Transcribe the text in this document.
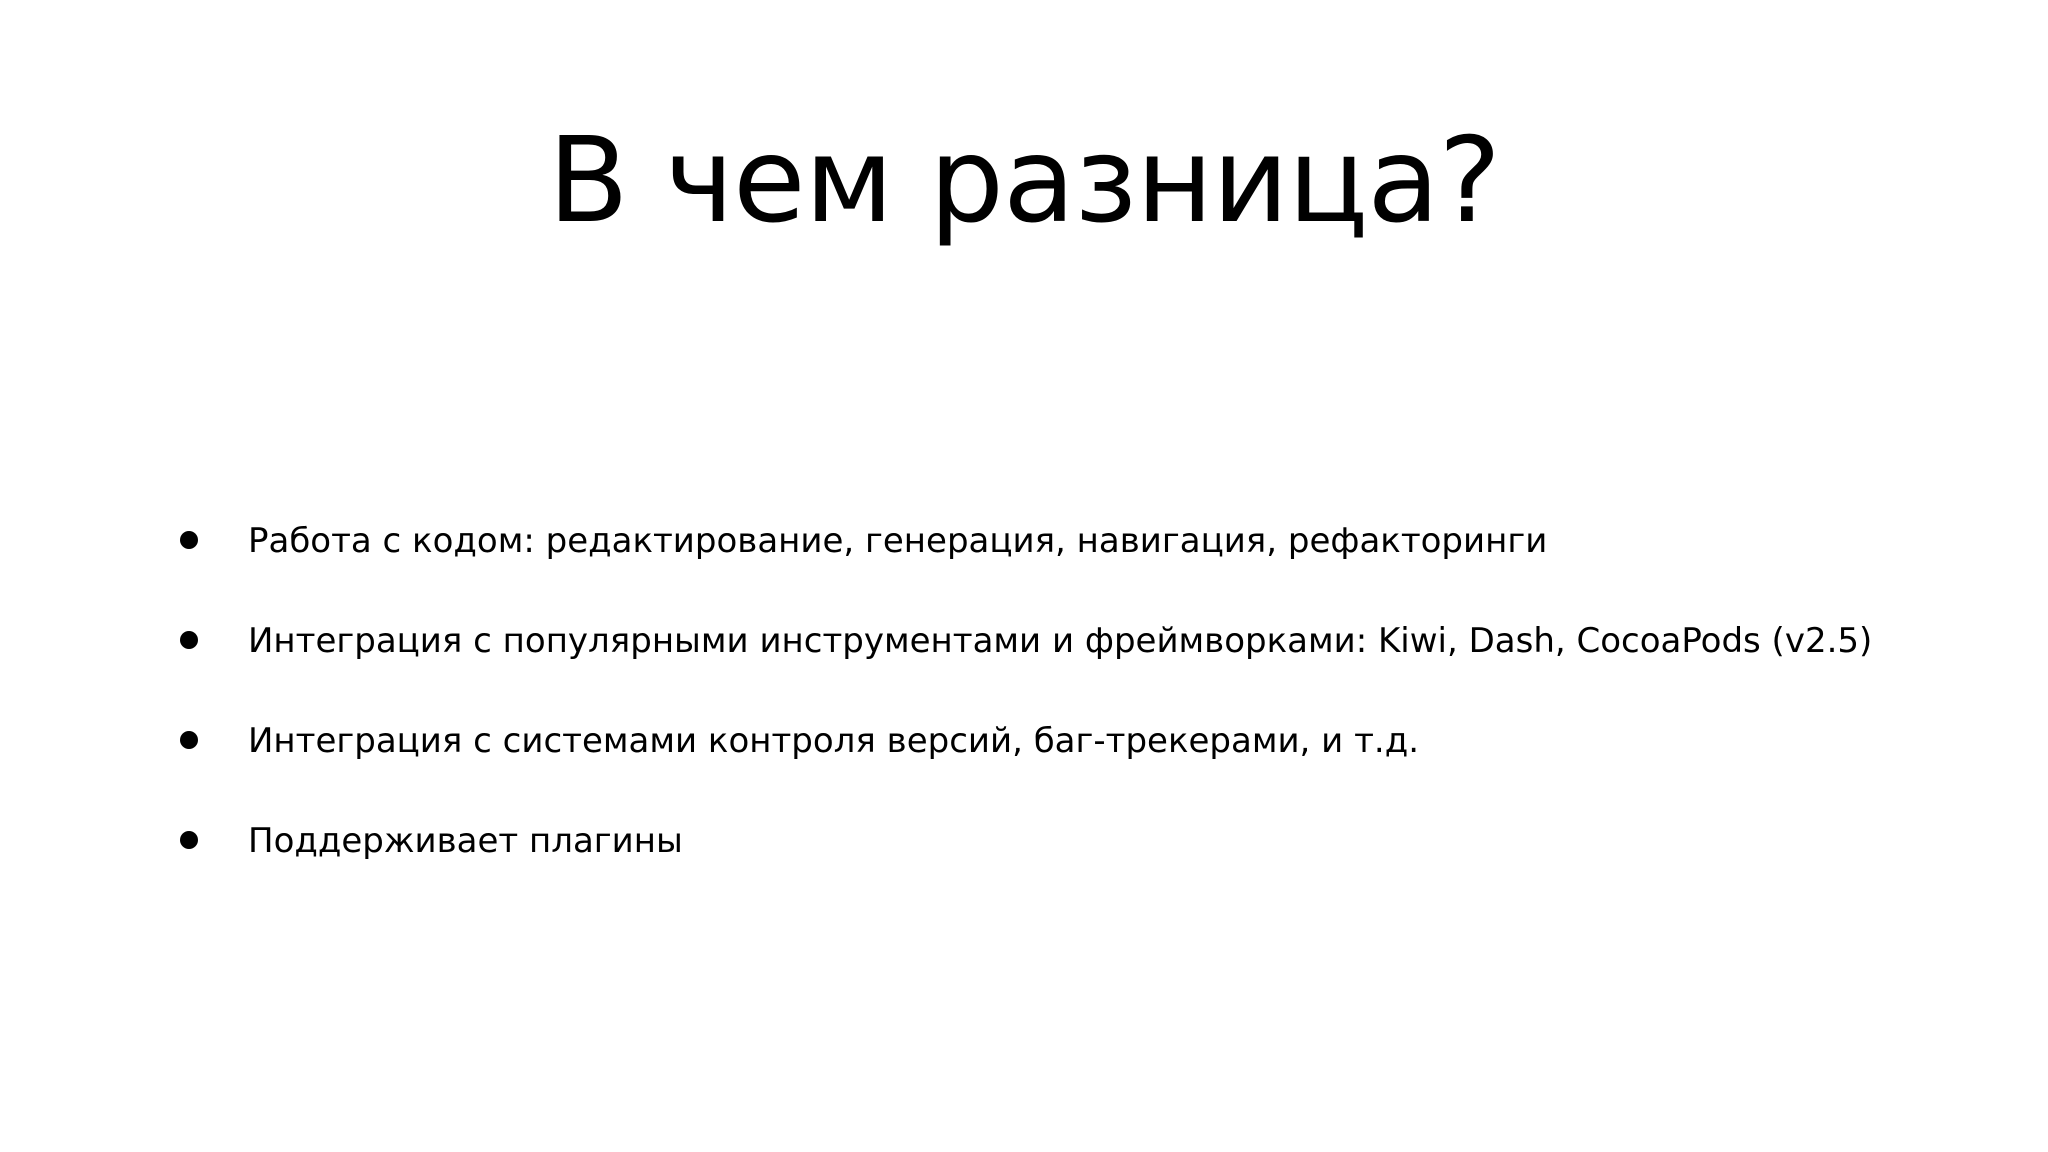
В чем разница?
Работа с кодом: редактирование, генерация, навигация, рефакторинги
Интеграция с популярными инструментами и фреймворками: Kiwi, Dash, CocoaPods (v2.5)
Интеграция с системами контроля версий, баг-трекерами, и т.д.
Поддерживает плагины
